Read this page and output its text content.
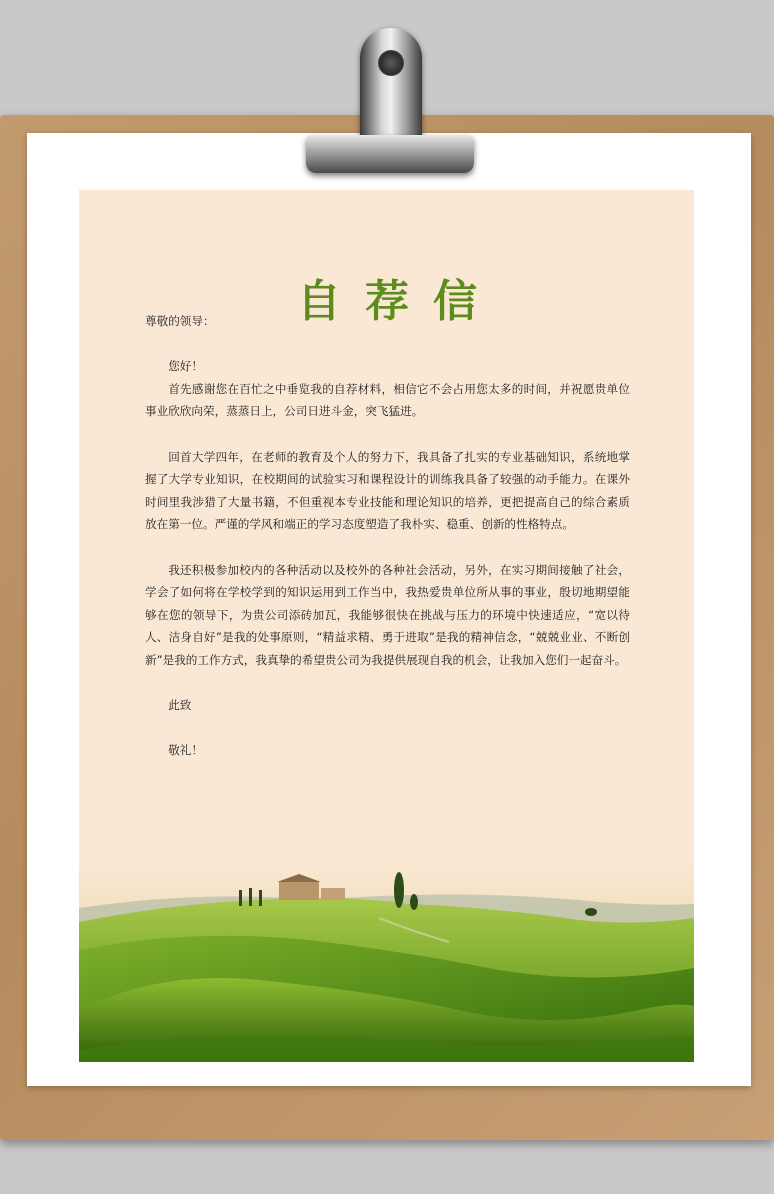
自荐信

尊敬的领导：

您好！

首先感谢您在百忙之中垂览我的自荐材料，相信它不会占用您太多的时间，并祝愿贵单位事业欣欣向荣，蒸蒸日上，公司日进斗金，突飞猛进。

回首大学四年，在老师的教育及个人的努力下，我具备了扎实的专业基础知识，系统地掌握了大学专业知识，在校期间的试验实习和课程设计的训练我具备了较强的动手能力。在课外时间里我涉猎了大量书籍，不但重视本专业技能和理论知识的培养，更把提高自己的综合素质放在第一位。严谨的学风和端正的学习态度塑造了我朴实、稳重、创新的性格特点。

我还积极参加校内的各种活动以及校外的各种社会活动，另外，在实习期间接触了社会，学会了如何将在学校学到的知识运用到工作当中，我热爱贵单位所从事的事业，殷切地期望能够在您的领导下，为贵公司添砖加瓦，我能够很快在挑战与压力的环境中快速适应，“宽以待人、洁身自好”是我的处事原则，“精益求精、勇于进取”是我的精神信念，“兢兢业业、不断创新”是我的工作方式，我真挚的希望贵公司为我提供展现自我的机会，让我加入您们一起奋斗。

此致

敬礼！
